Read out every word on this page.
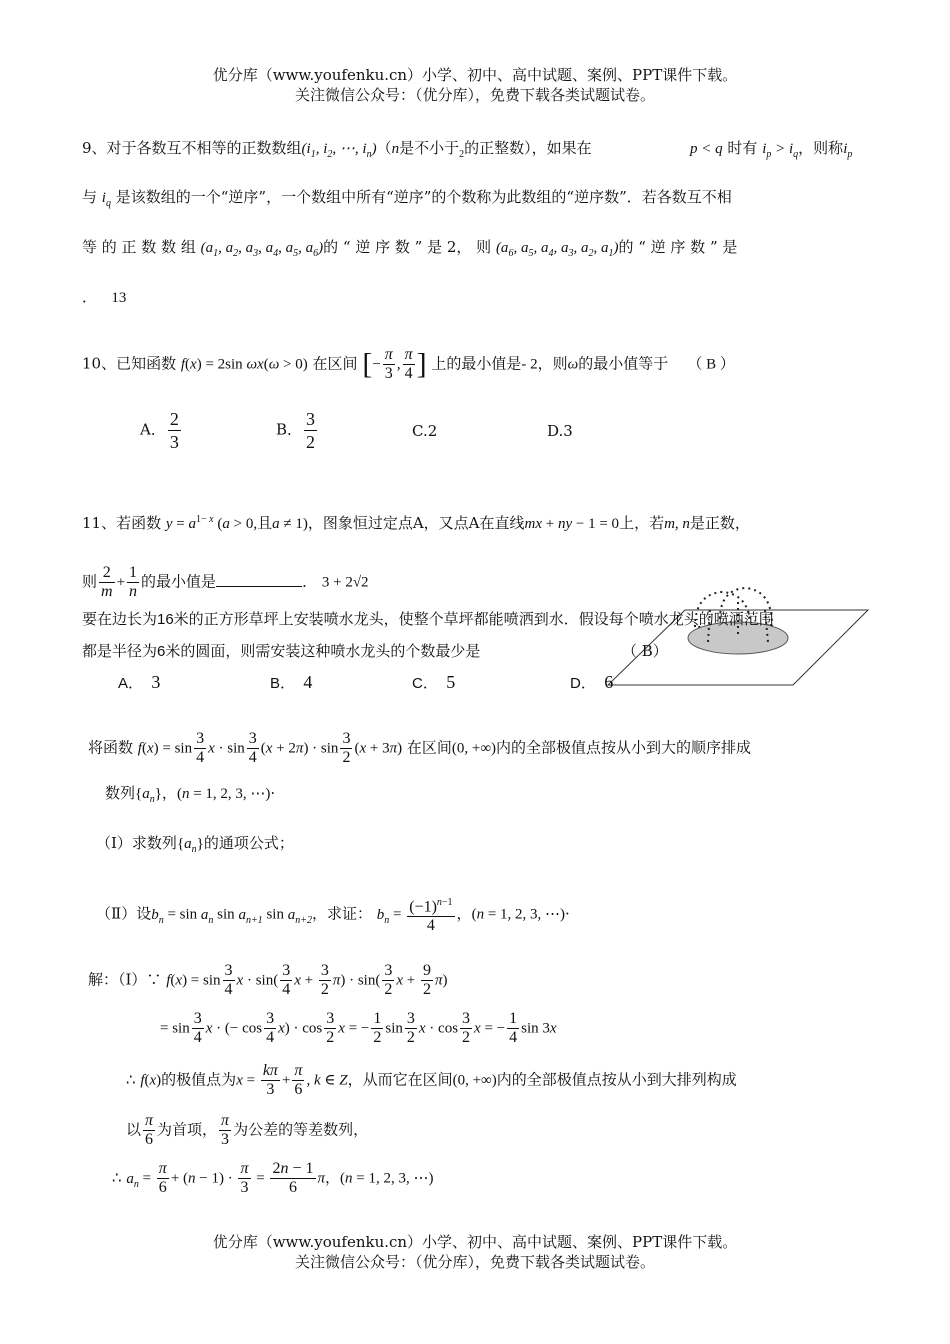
优分库（www.youfenku.cn）小学、初中、高中试题、案例、PPT课件下载。
关注微信公众号：（优分库），免费下载各类试题试卷。
9、对于各数互不相等的正数数组($i_1$, $i_2$, ⋯, $i_n)(n$是不小于$_2$的正整数），如果在	p < q 时有 $i_p > i_q$，则称$i_p$
与 $i_q$ 是该数组的一个“逆序”，一个数组中所有“逆序”的个数称为此数组的“逆序数”．若各数互不相
等 的 正 数 数 组 ($a_1$, $a_2$, $a_3$, $a_4$, $a_5$, $a_6$)的 “ 逆 序 数 ” 是 2， 则 ($a_6$, $a_5$, $a_4$, $a_3$, $a_2$, $a_1$)的 “ 逆 序 数 ” 是
． 13
10、已知函数 f(x) = 2sin ωx(ω > 0) 在区间 [− $\frac{\pi}{3}$ , $\frac{\pi}{4}$ ] 上的最小值是- 2，则ω的最小值等于 （ B ）
A． $\frac{2}{3}$	B． $\frac{3}{2}$	C.2	D.3
11、若函数 $y = a^{1- x}$ (a > 0,且a ≠ 1)，图象恒过定点A，又点A在直线mx + ny − 1 = 0上，若m, n是正数，
则 $\frac{2}{m} + \frac{1}{n}$ 的最小值是	． 3 + 2√2
要在边长为16米的正方形草坪上安装喷水龙头，使整个草坪都能喷洒到水．假设每个喷水龙头的喷洒范围
都是半径为6米的圆面，则需安装这种喷水龙头的个数最少是	（ B）
A． 3	B． 4	C． 5	D． 6
将函数 $f(x) = \sin \frac{3}{4}$ $x \cdot \sin \frac{3}{4} (x + 2\pi) \cdot \sin \frac{3}{2} (x + 3\pi)$ 在区间(0, +∞)内的全部极值点按从小到大的顺序排成
数列$\{a_n\}$，(n = 1, 2, 3, ⋯)·
（Ⅰ）求数列$\{a_n\}$的通项公式；
（Ⅱ）设$b_n = \sin a_n$ $\sin a_{n+1}$ $\sin a_{n+2}$，求证： $b_n = \frac{(-1)^{n-1}}{4}$ ，(n = 1, 2, 3, ⋯)·
解：（Ⅰ）∵ $f(x) = \sin \frac{3}{4}$ $x \cdot \sin( \frac{3}{4}$ $x + \frac{3}{2} \pi) \cdot \sin( \frac{3}{2}$ $x + \frac{9}{2} \pi$)
= $\sin \frac{3}{4}$ x · (− $\cos \frac{3}{4} x) \cdot \cos \frac{3}{2}$ x = − $\frac{1}{2}$ $\sin \frac{3}{2}$ $x \cdot \cos \frac{3}{2}$ x = − $\frac{1}{4}$ sin 3x
∴ f(x)的极值点为$x = \frac{k\pi}{3} + \frac{\pi}{6}$ , k ∈ Z，从而它在区间(0, +∞)内的全部极值点按从小到大排列构成
以 $\frac{\pi}{6}$ 为首项， $\frac{\pi}{3}$ 为公差的等差数列，
∴ $a_n = \frac{\pi}{6} + (n - 1) \cdot \frac{\pi}{3} = \frac{2n - 1}{6}$ π，(n = 1, 2, 3, ⋯)
优分库（www.youfenku.cn）小学、初中、高中试题、案例、PPT课件下载。
关注微信公众号：（优分库），免费下载各类试题试卷。
